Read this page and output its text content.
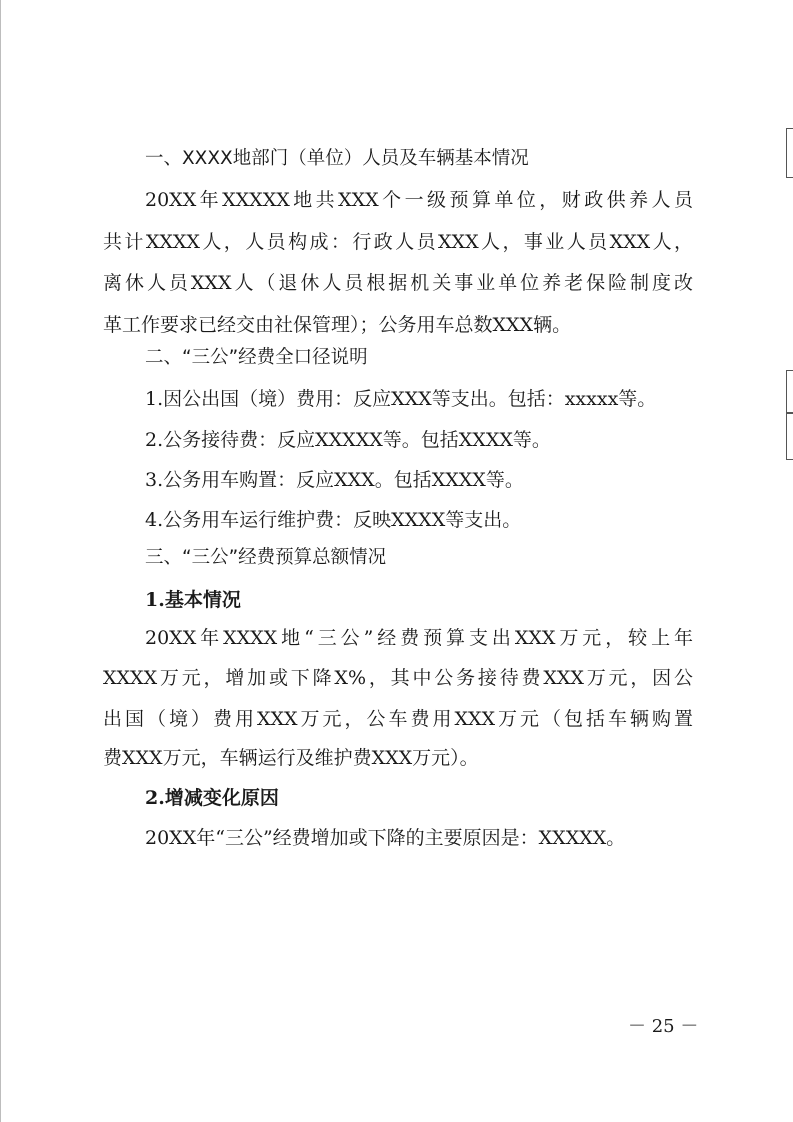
一、XXXX地部门（单位）人员及车辆基本情况
20XX年XXXXX地共XXX个一级预算单位，财政供养人员
共计XXXX人，人员构成：行政人员XXX人，事业人员XXX人，
离休人员XXX人（退休人员根据机关事业单位养老保险制度改
革工作要求已经交由社保管理）；公务用车总数XXX辆。
二、“三公”经费全口径说明
1.因公出国（境）费用：反应XXX等支出。包括：xxxxx等。
2.公务接待费：反应XXXXX等。包括XXXX等。
3.公务用车购置：反应XXX。包括XXXX等。
4.公务用车运行维护费：反映XXXX等支出。
三、“三公”经费预算总额情况
1.基本情况
20XX年XXXX地“三公”经费预算支出XXX万元，较上年
XXXX万元，增加或下降X%，其中公务接待费XXX万元，因公
出国（境）费用XXX万元，公车费用XXX万元（包括车辆购置
费XXX万元，车辆运行及维护费XXX万元）。
2.增减变化原因
20XX年“三公”经费增加或下降的主要原因是：XXXXX。
－ 25 －
